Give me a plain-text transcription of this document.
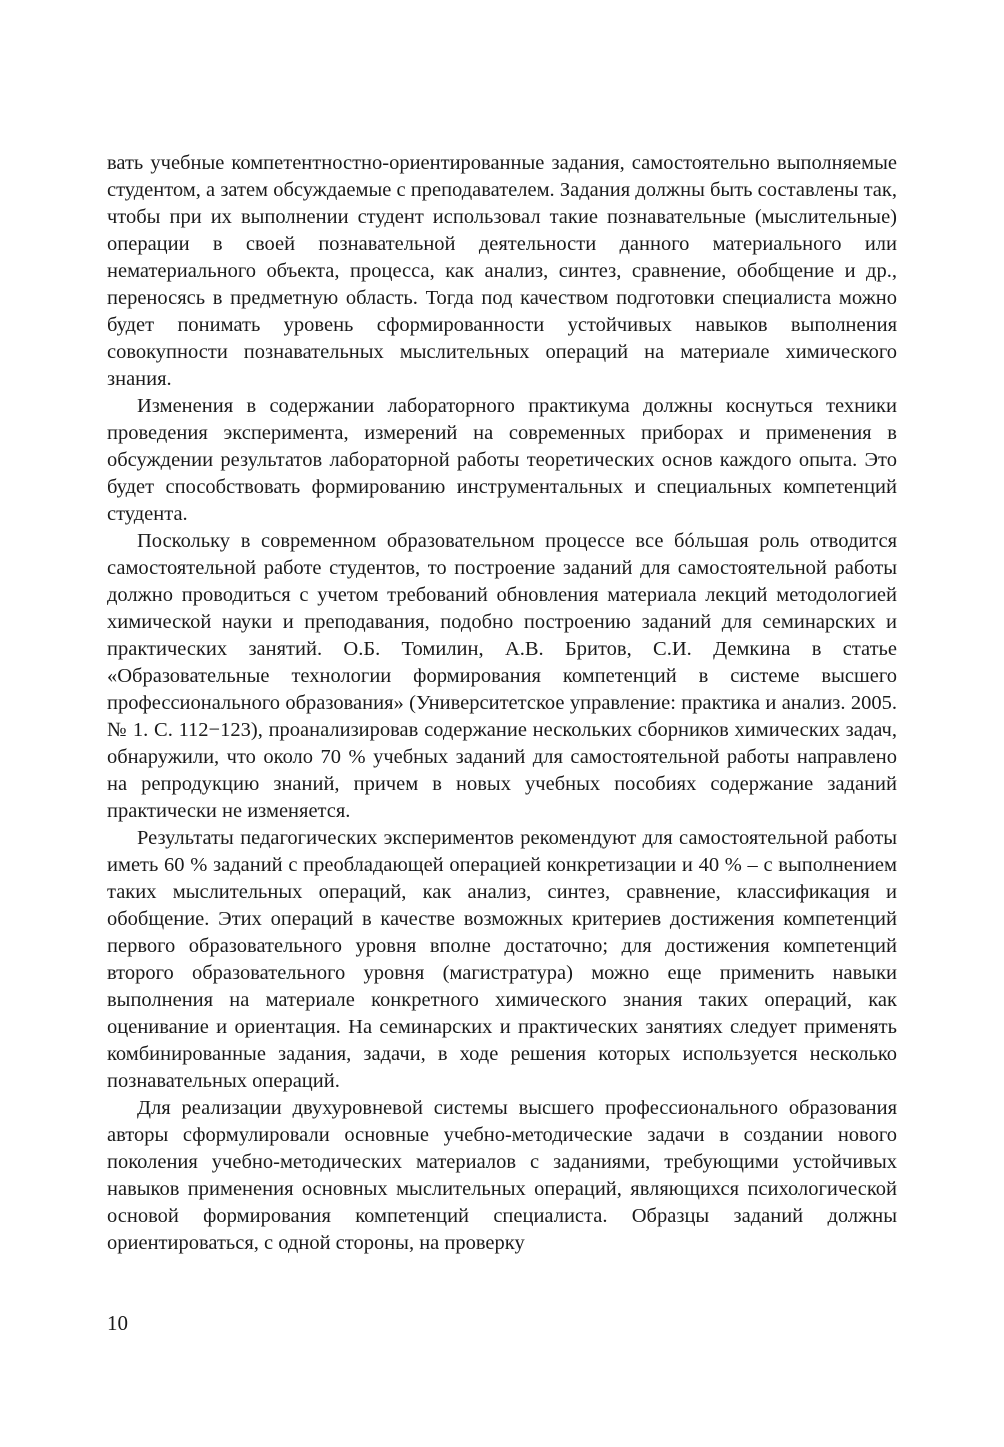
вать учебные компетентностно-ориентированные задания, самостоятельно выполняемые студентом, а затем обсуждаемые с преподавателем. Задания должны быть составлены так, чтобы при их выполнении студент использовал такие познавательные (мыслительные) операции в своей познавательной деятельности данного материального или нематериального объекта, процесса, как анализ, синтез, сравнение, обобщение и др., переносясь в предметную область. Тогда под качеством подготовки специалиста можно будет понимать уровень сформированности устойчивых навыков выполнения совокупности познавательных мыслительных операций на материале химического знания.

Изменения в содержании лабораторного практикума должны коснуться техники проведения эксперимента, измерений на современных приборах и применения в обсуждении результатов лабораторной работы теоретических основ каждого опыта. Это будет способствовать формированию инструментальных и специальных компетенций студента.

Поскольку в современном образовательном процессе все бóльшая роль отводится самостоятельной работе студентов, то построение заданий для самостоятельной работы должно проводиться с учетом требований обновления материала лекций методологией химической науки и преподавания, подобно построению заданий для семинарских и практических занятий. О.Б. Томилин, А.В. Бритов, С.И. Демкина в статье «Образовательные технологии формирования компетенций в системе высшего профессионального образования» (Университетское управление: практика и анализ. 2005. № 1. С. 112−123), проанализировав содержание нескольких сборников химических задач, обнаружили, что около 70 % учебных заданий для самостоятельной работы направлено на репродукцию знаний, причем в новых учебных пособиях содержание заданий практически не изменяется.

Результаты педагогических экспериментов рекомендуют для самостоятельной работы иметь 60 % заданий с преобладающей операцией конкретизации и 40 % – с выполнением таких мыслительных операций, как анализ, синтез, сравнение, классификация и обобщение. Этих операций в качестве возможных критериев достижения компетенций первого образовательного уровня вполне достаточно; для достижения компетенций второго образовательного уровня (магистратура) можно еще применить навыки выполнения на материале конкретного химического знания таких операций, как оценивание и ориентация. На семинарских и практических занятиях следует применять комбинированные задания, задачи, в ходе решения которых используется несколько познавательных операций.

Для реализации двухуровневой системы высшего профессионального образования авторы сформулировали основные учебно-методические задачи в создании нового поколения учебно-методических материалов с заданиями, требующими устойчивых навыков применения основных мыслительных операций, являющихся психологической основой формирования компетенций специалиста. Образцы заданий должны ориентироваться, с одной стороны, на проверку

10
